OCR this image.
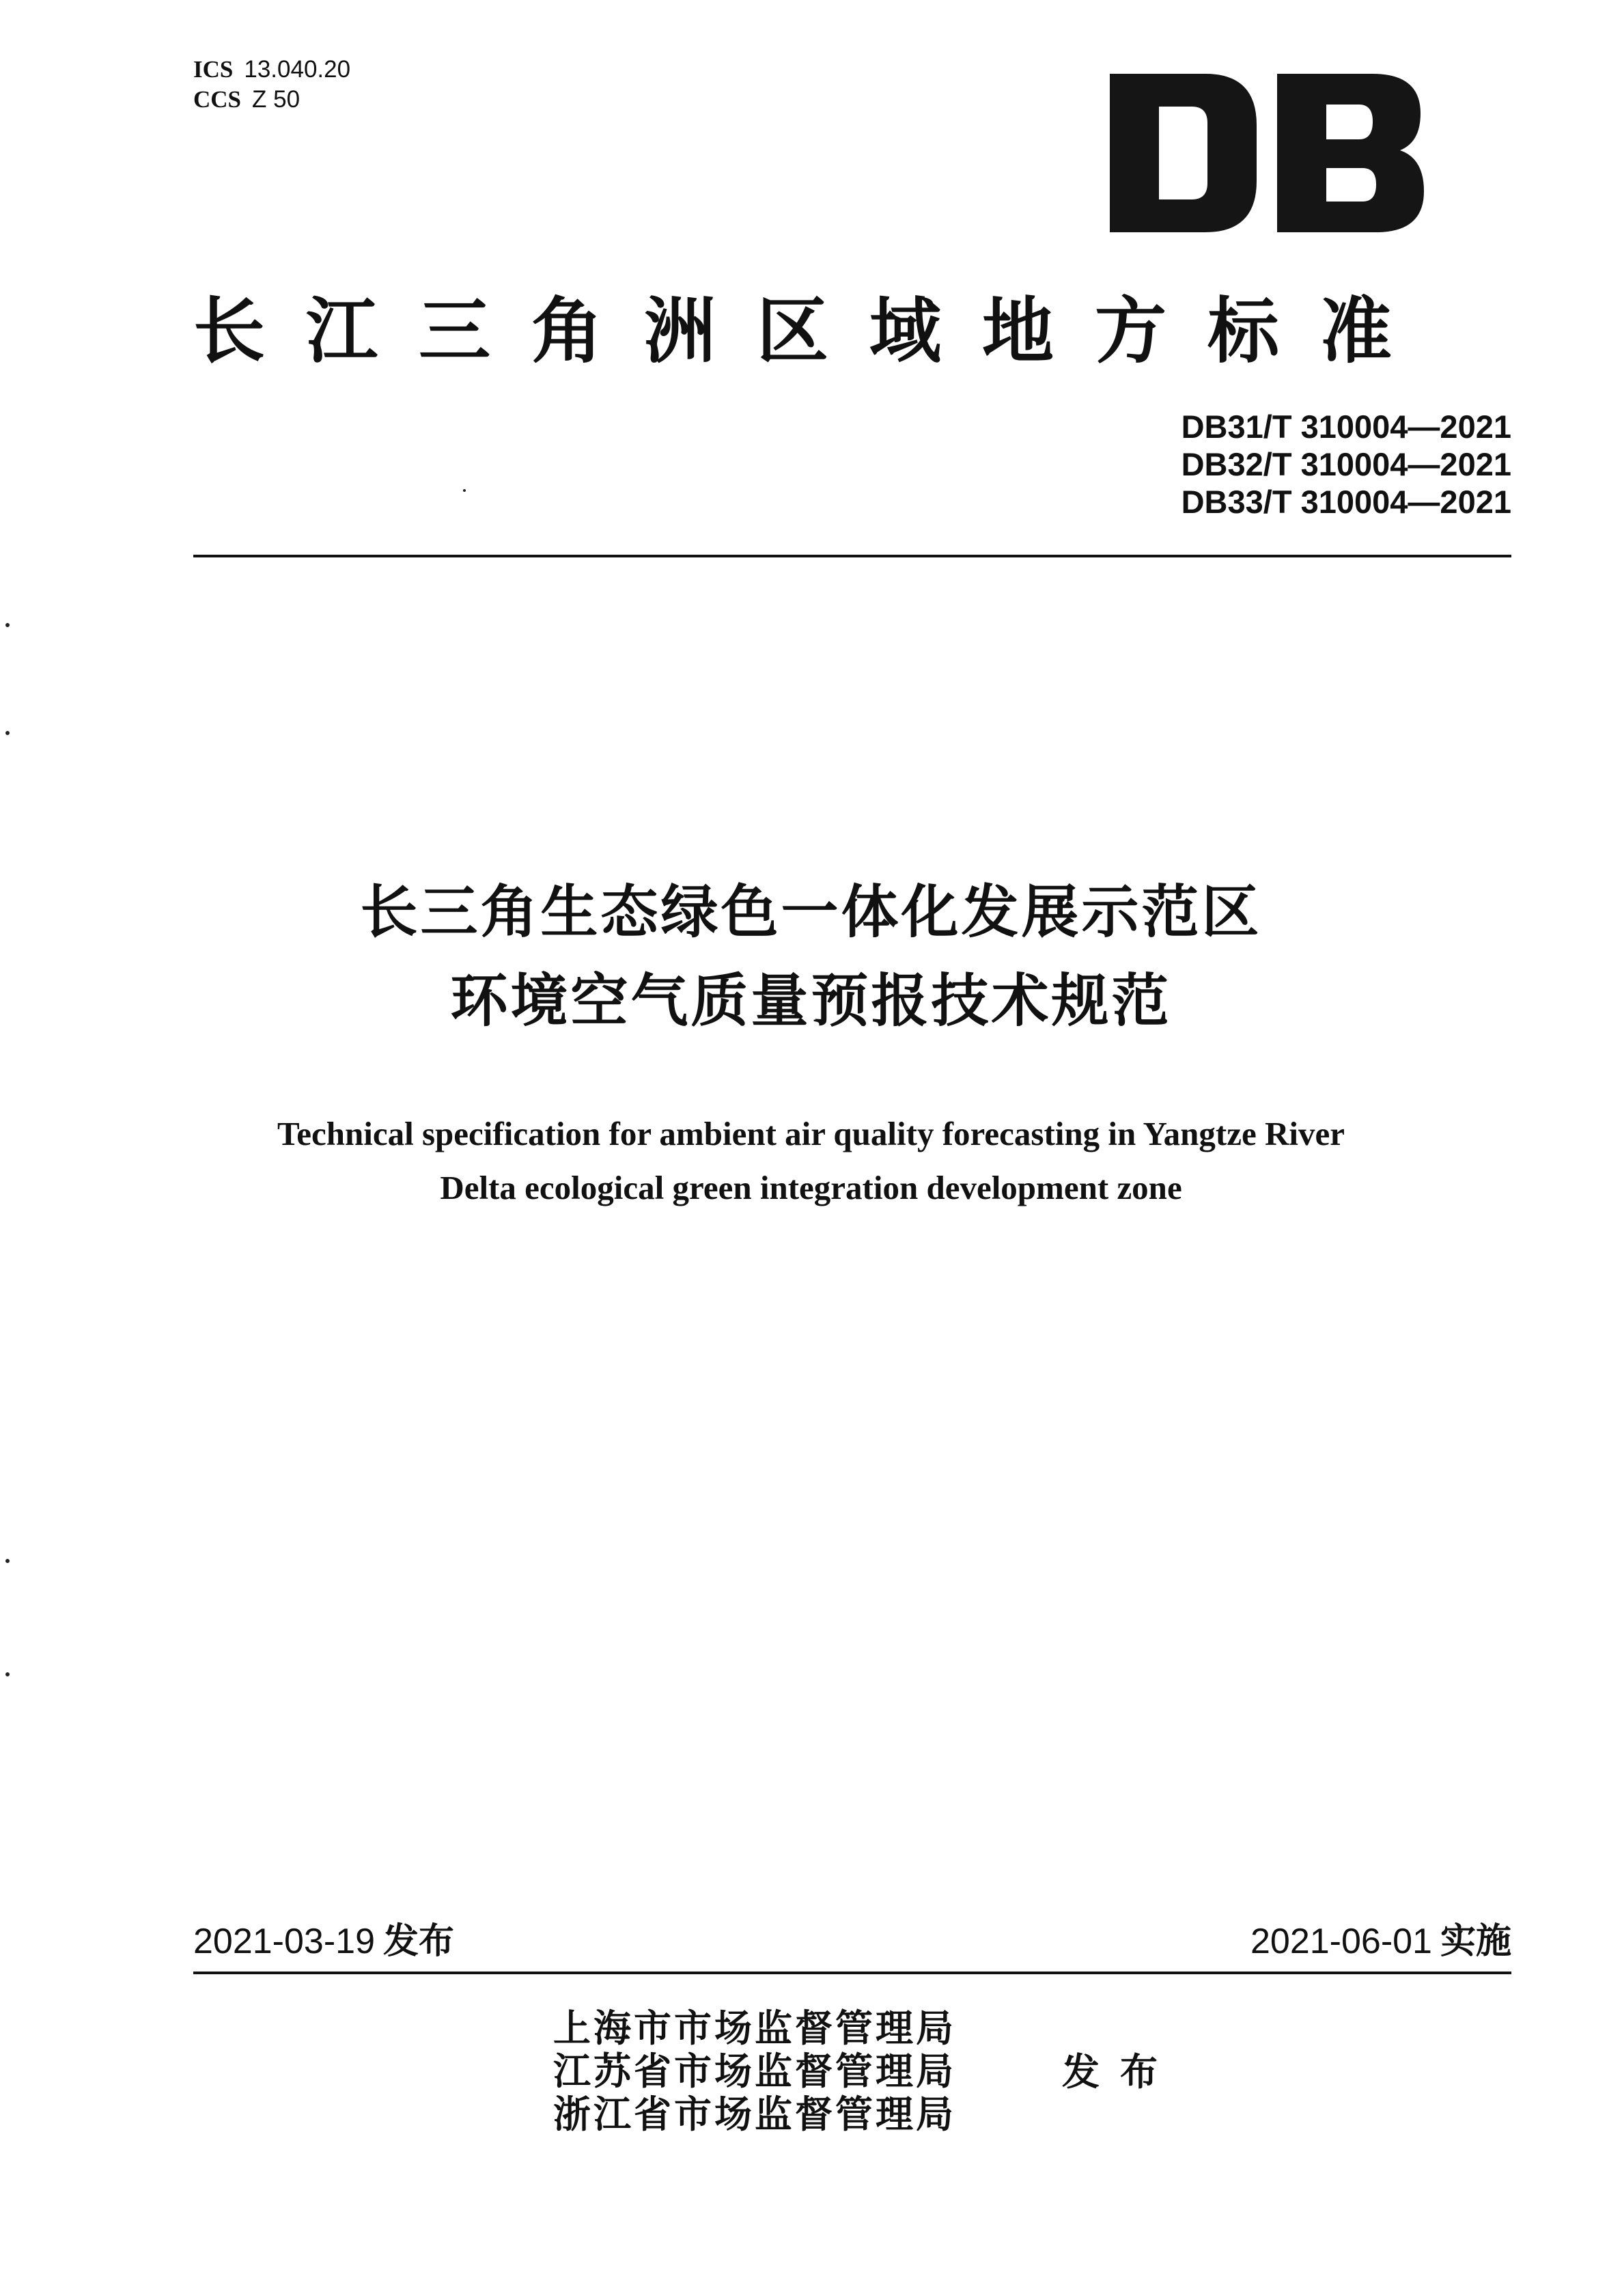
ICS 13.040.20
CCS Z 50
长江三角洲区域地方标准
DB31/T 310004—2021
DB32/T 310004—2021
DB33/T 310004—2021
长三角生态绿色一体化发展示范区
环境空气质量预报技术规范
Technical specification for ambient air quality forecasting in Yangtze River
Delta ecological green integration development zone
2021-03-19 发布	2021-06-01 实施
上海市市场监督管理局
江苏省市场监督管理局
浙江省市场监督管理局
发布
